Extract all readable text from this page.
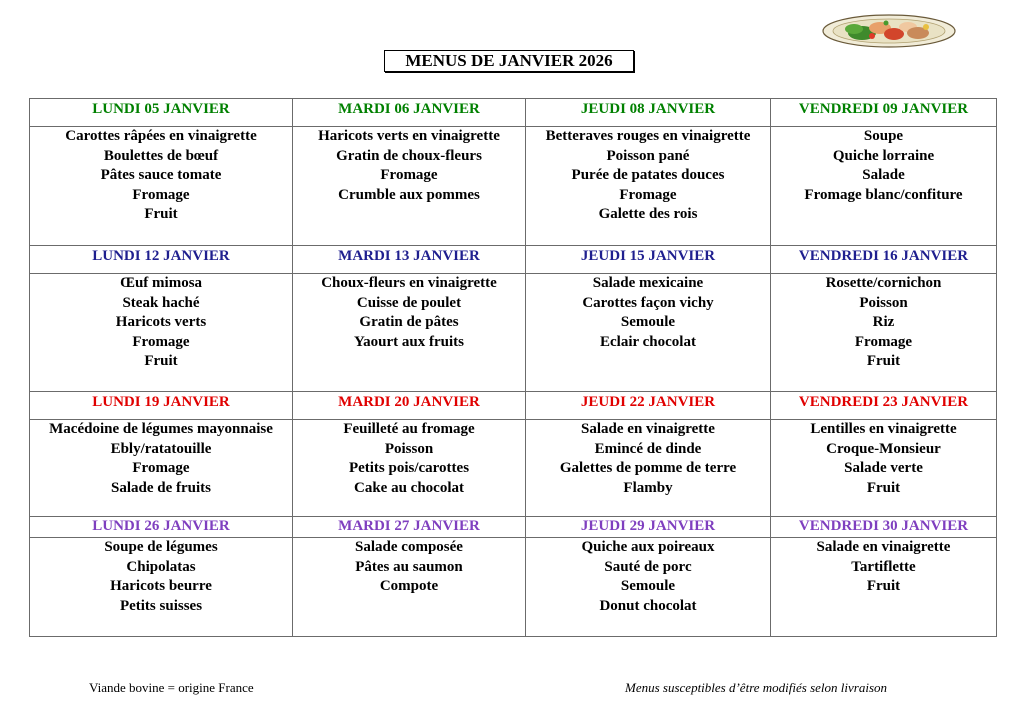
MENUS DE JANVIER 2026
LUNDI 05 JANVIER	MARDI 06 JANVIER	JEUDI 08 JANVIER	VENDREDI 09 JANVIER

Carottes râpées en vinaigrette
Boulettes de bœuf
Pâtes sauce tomate
Fromage
Fruit	Haricots verts en vinaigrette
Gratin de choux-fleurs
Fromage
Crumble aux pommes	Betteraves rouges en vinaigrette
Poisson pané
Purée de patates douces
Fromage
Galette des rois	Soupe
Quiche lorraine
Salade
Fromage blanc/confiture

LUNDI 12 JANVIER	MARDI 13 JANVIER	JEUDI 15 JANVIER	VENDREDI 16 JANVIER

Œuf mimosa
Steak haché
Haricots verts
Fromage
Fruit	Choux-fleurs en vinaigrette
Cuisse de poulet
Gratin de pâtes
Yaourt aux fruits	Salade mexicaine
Carottes façon vichy
Semoule
Eclair chocolat	Rosette/cornichon
Poisson
Riz
Fromage
Fruit

LUNDI 19 JANVIER	MARDI 20 JANVIER	JEUDI 22 JANVIER	VENDREDI 23 JANVIER

Macédoine de légumes mayonnaise
Ebly/ratatouille
Fromage
Salade de fruits	Feuilleté au fromage
Poisson
Petits pois/carottes
Cake au chocolat	Salade en vinaigrette
Emincé de dinde
Galettes de pomme de terre
Flamby	Lentilles en vinaigrette
Croque-Monsieur
Salade verte
Fruit

LUNDI 26 JANVIER	MARDI 27 JANVIER	JEUDI 29 JANVIER	VENDREDI 30 JANVIER

Soupe de légumes
Chipolatas
Haricots beurre
Petits suisses	Salade composée
Pâtes au saumon
Compote	Quiche aux poireaux
Sauté de porc
Semoule
Donut chocolat	Salade en vinaigrette
Tartiflette
Fruit
Viande bovine = origine France	Menus susceptibles d’être modifiés selon livraison
